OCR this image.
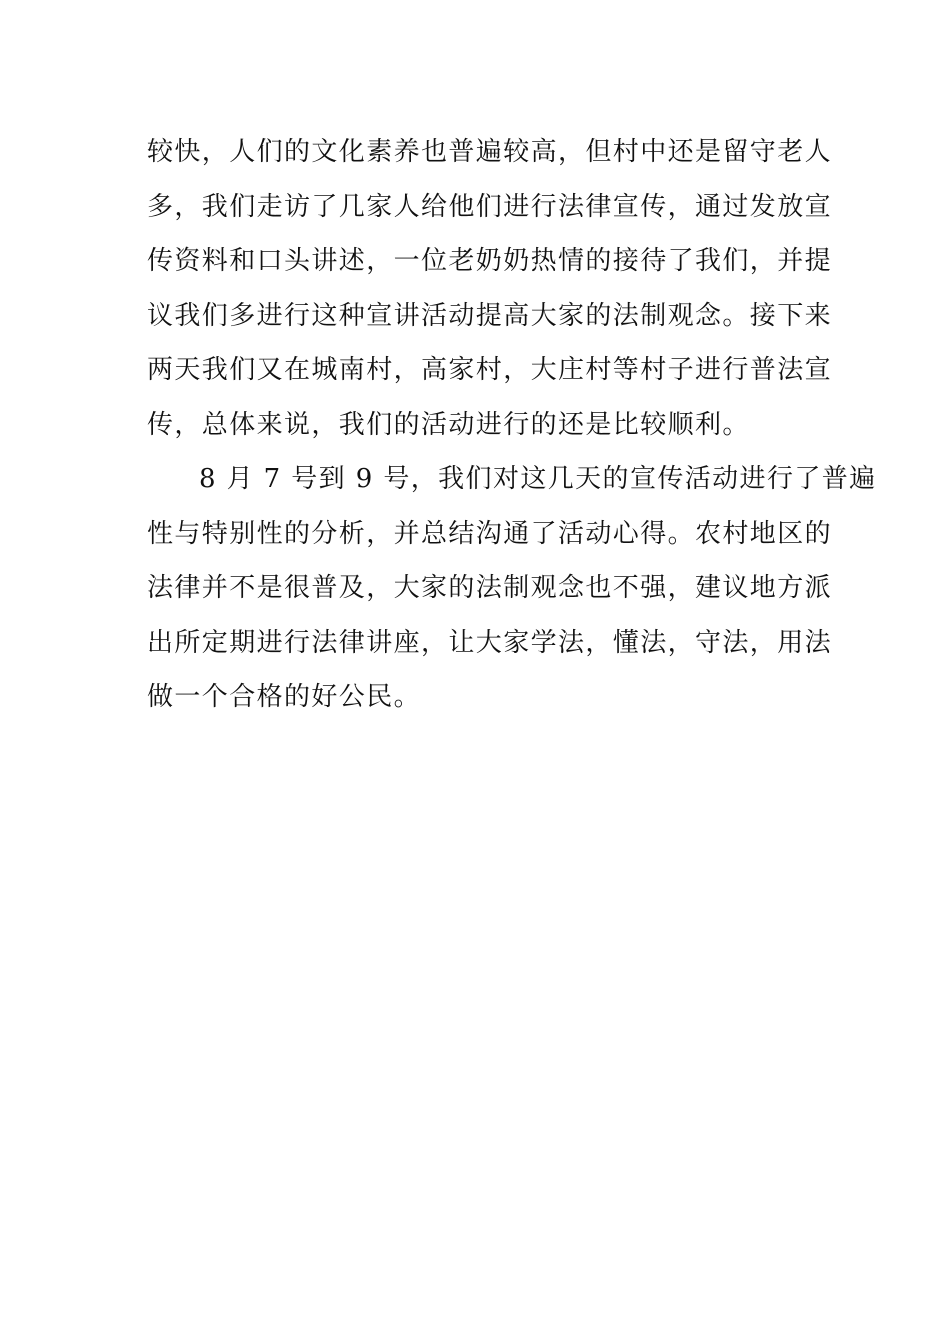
较快，人们的文化素养也普遍较高，但村中还是留守老人
多，我们走访了几家人给他们进行法律宣传，通过发放宣
传资料和口头讲述，一位老奶奶热情的接待了我们，并提
议我们多进行这种宣讲活动提高大家的法制观念。接下来
两天我们又在城南村，高家村，大庄村等村子进行普法宣
传，总体来说，我们的活动进行的还是比较顺利。

8 月 7 号到 9 号，我们对这几天的宣传活动进行了普遍
性与特别性的分析，并总结沟通了活动心得。农村地区的
法律并不是很普及，大家的法制观念也不强，建议地方派
出所定期进行法律讲座，让大家学法，懂法，守法，用法
做一个合格的好公民。
